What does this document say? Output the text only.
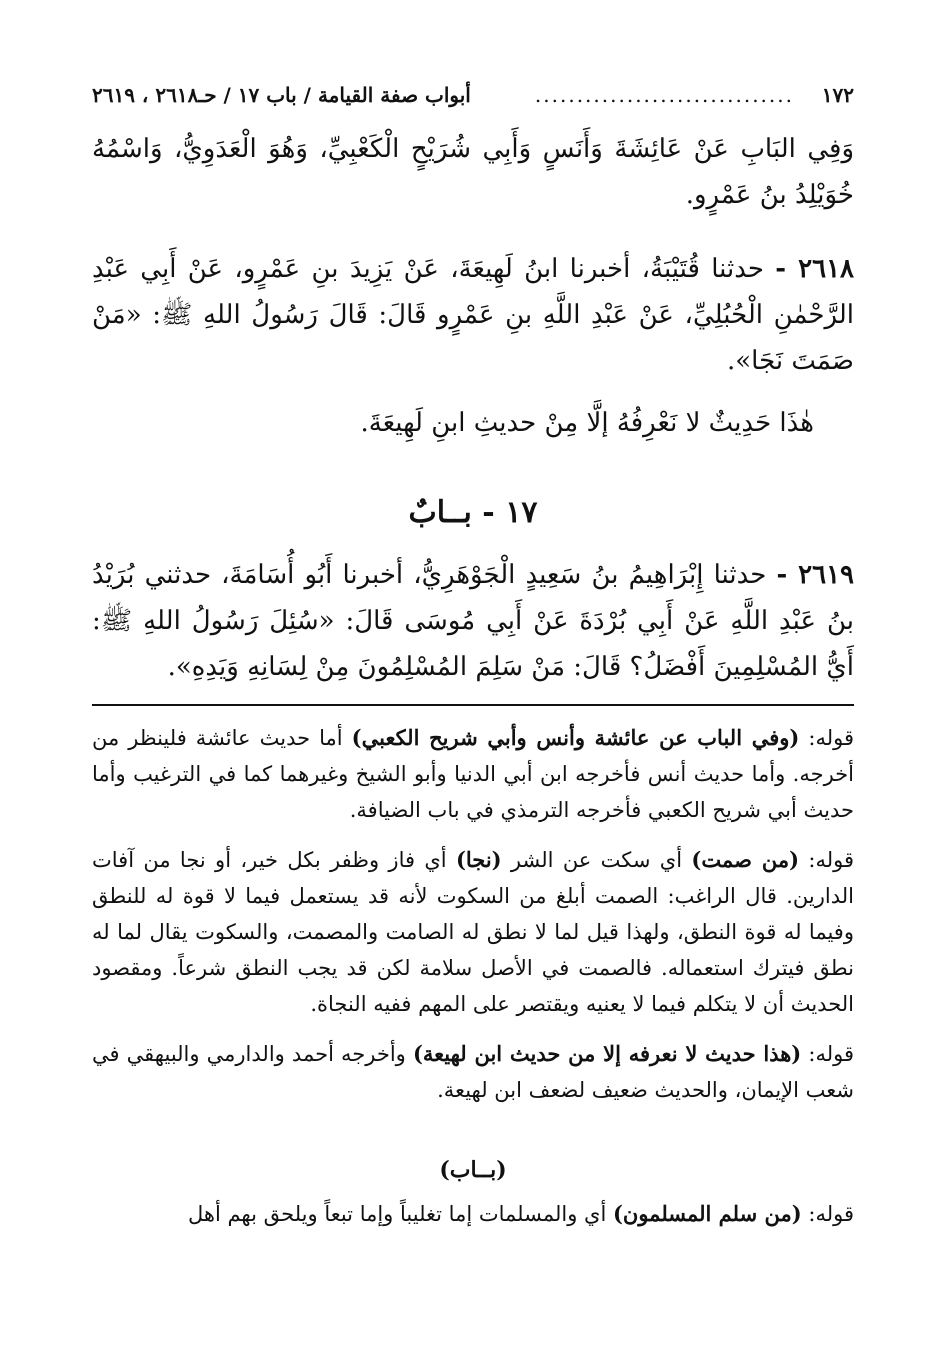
١٧٢
...............................
أبواب صفة القيامة / باب ١٧ / حـ٢٦١٨ ، ٢٦١٩

وَفِي البَابِ عَنْ عَائِشَةَ وَأَنَسٍ وَأَبِي شُرَيْحٍ الْكَعْبِيِّ، وَهُوَ الْعَدَوِيُّ، وَاسْمُهُ خُوَيْلِدُ بنُ عَمْرٍو.

٢٦١٨ - حدثنا قُتَيْبَةُ، أخبرنا ابنُ لَهِيعَةَ، عَنْ يَزِيدَ بنِ عَمْرٍو، عَنْ أَبِي عَبْدِ الرَّحْمٰنِ الْحُبُلِيِّ، عَنْ عَبْدِ اللَّهِ بنِ عَمْرٍو قَالَ: قَالَ رَسُولُ اللهِ ﷺ: «مَنْ صَمَتَ نَجَا».

هٰذَا حَدِيثٌ لا نَعْرِفُهُ إلَّا مِنْ حديثِ ابنِ لَهِيعَةَ.

١٧ - بــابٌ

٢٦١٩ - حدثنا إِبْرَاهِيمُ بنُ سَعِيدٍ الْجَوْهَرِيُّ، أخبرنا أَبُو أُسَامَةَ، حدثني بُرَيْدُ بنُ عَبْدِ اللَّهِ عَنْ أَبِي بُرْدَةَ عَنْ أَبِي مُوسَى قَالَ: «سُئِلَ رَسُولُ اللهِ ﷺ: أَيُّ المُسْلِمِينَ أَفْضَلُ؟ قَالَ: مَنْ سَلِمَ المُسْلِمُونَ مِنْ لِسَانِهِ وَيَدِهِ».

قوله: (وفي الباب عن عائشة وأنس وأبي شريح الكعبي) أما حديث عائشة فلينظر من أخرجه. وأما حديث أنس فأخرجه ابن أبي الدنيا وأبو الشيخ وغيرهما كما في الترغيب وأما حديث أبي شريح الكعبي فأخرجه الترمذي في باب الضيافة.

قوله: (من صمت) أي سكت عن الشر (نجا) أي فاز وظفر بكل خير، أو نجا من آفات الدارين. قال الراغب: الصمت أبلغ من السكوت لأنه قد يستعمل فيما لا قوة له للنطق وفيما له قوة النطق، ولهذا قيل لما لا نطق له الصامت والمصمت، والسكوت يقال لما له نطق فيترك استعماله. فالصمت في الأصل سلامة لكن قد يجب النطق شرعاً. ومقصود الحديث أن لا يتكلم فيما لا يعنيه ويقتصر على المهم ففيه النجاة.

قوله: (هذا حديث لا نعرفه إلا من حديث ابن لهيعة) وأخرجه أحمد والدارمي والبيهقي في شعب الإيمان، والحديث ضعيف لضعف ابن لهيعة.

(بــاب)

قوله: (من سلم المسلمون) أي والمسلمات إما تغليباً وإما تبعاً ويلحق بهم أهل
